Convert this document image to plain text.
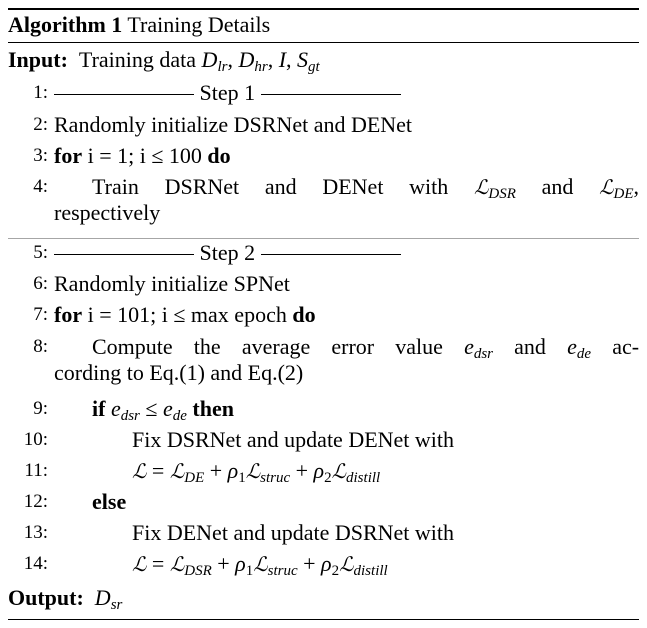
Algorithm 1 Training Details
Input: Training data $D_{lr}$, $D_{hr}$, I, $S_{gt}$
1:	Step 1
2: Randomly initialize DSRNet and DENet
3: for i = 1; i ≤ 100 do
4:	Train DSRNet and DENet with ℒ$_{DSR}$ and ℒ$_{DE}$,
respectively
5:	Step 2
6: Randomly initialize SPNet
7: for i = 101; i ≤ max epoch do
8:	Compute the average error value $e_{dsr}$ and $e_{de}$ ac-
cording to Eq.(1) and Eq.(2)
9:	if $e_{dsr} \le e_{de}$ then
10:	Fix DSRNet and update DENet with
11:	ℒ = ℒ$_{DE}$ + $\rho_1ℒ_{struc}$ + $\rho_2ℒ_{distill}$
12:	else
13:	Fix DENet and update DSRNet with
14:	ℒ = ℒ$_{DSR}$ + $\rho_1ℒ_{struc}$ + $\rho_2ℒ_{distill}$
Output: $D_{sr}$
